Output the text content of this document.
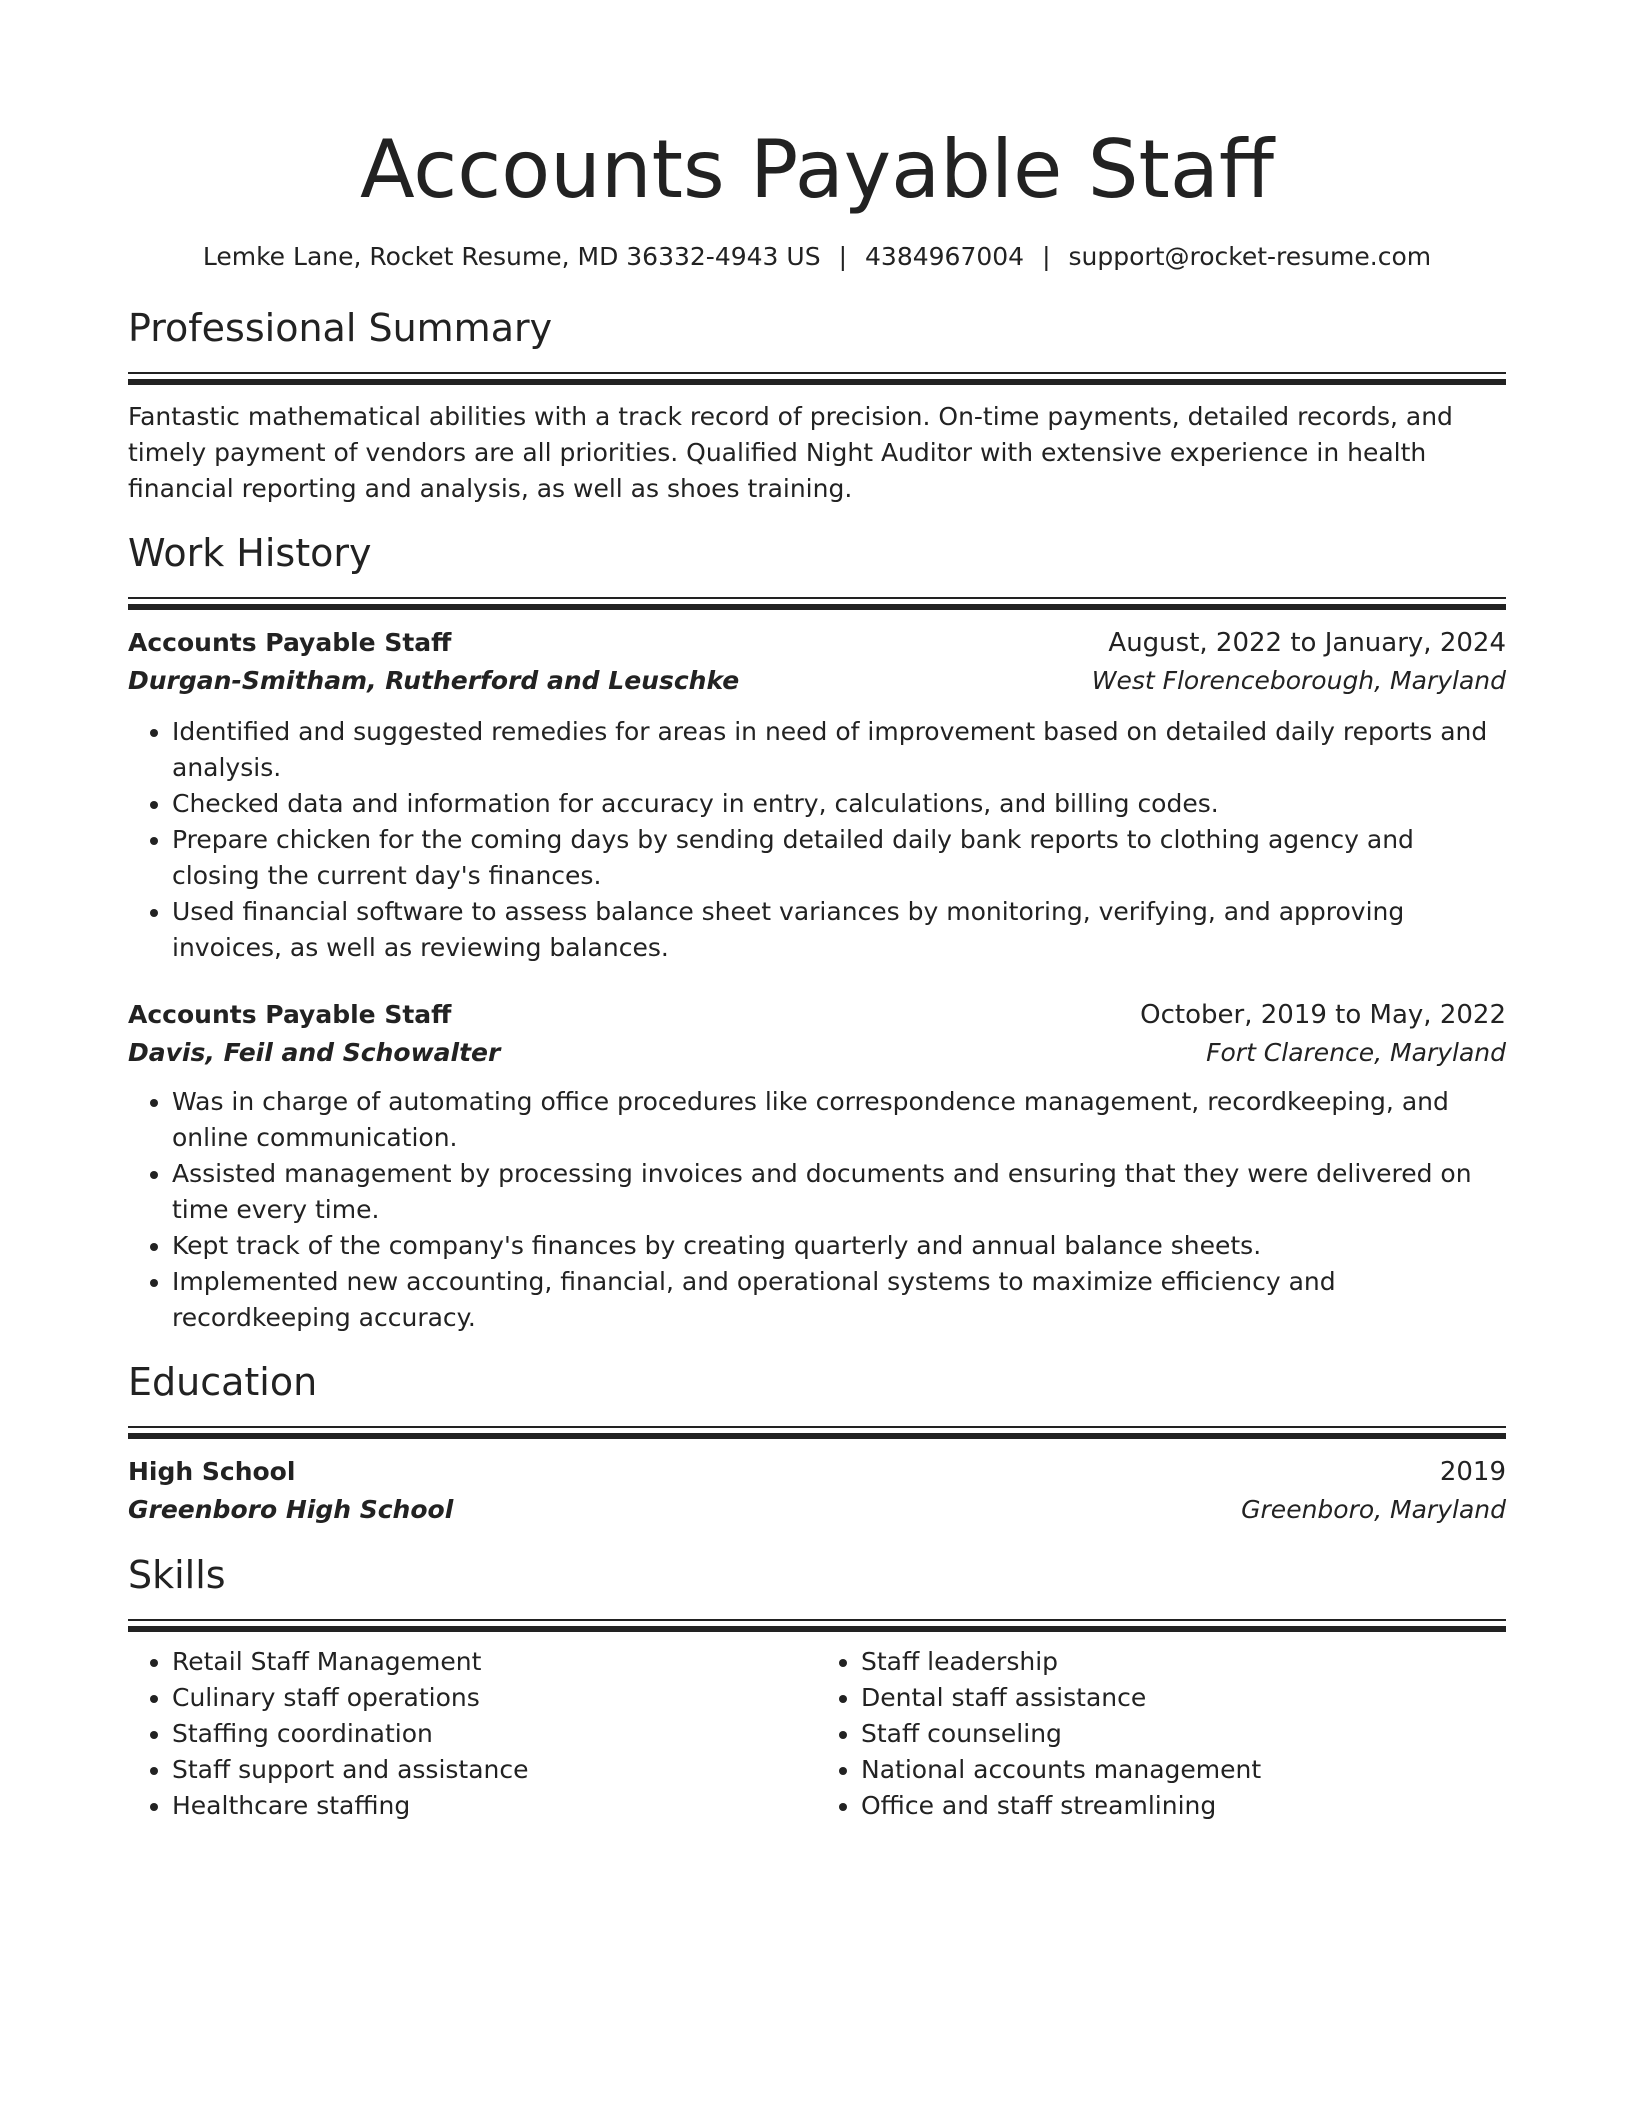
Accounts Payable Staff
Lemke Lane, Rocket Resume, MD 36332-4943 US | 4384967004 | support@rocket-resume.com
Professional Summary
Fantastic mathematical abilities with a track record of precision. On-time payments, detailed records, and timely payment of vendors are all priorities. Qualified Night Auditor with extensive experience in health financial reporting and analysis, as well as shoes training.
Work History
Accounts Payable Staff	August, 2022 to January, 2024
Durgan-Smitham, Rutherford and Leuschke	West Florenceborough, Maryland
• Identified and suggested remedies for areas in need of improvement based on detailed daily reports and analysis.
• Checked data and information for accuracy in entry, calculations, and billing codes.
• Prepare chicken for the coming days by sending detailed daily bank reports to clothing agency and closing the current day's finances.
• Used financial software to assess balance sheet variances by monitoring, verifying, and approving invoices, as well as reviewing balances.
Accounts Payable Staff	October, 2019 to May, 2022
Davis, Feil and Schowalter	Fort Clarence, Maryland
• Was in charge of automating office procedures like correspondence management, recordkeeping, and online communication.
• Assisted management by processing invoices and documents and ensuring that they were delivered on time every time.
• Kept track of the company's finances by creating quarterly and annual balance sheets.
• Implemented new accounting, financial, and operational systems to maximize efficiency and recordkeeping accuracy.
Education
High School	2019
Greenboro High School	Greenboro, Maryland
Skills
• Retail Staff Management
• Culinary staff operations
• Staffing coordination
• Staff support and assistance
• Healthcare staffing
• Staff leadership
• Dental staff assistance
• Staff counseling
• National accounts management
• Office and staff streamlining
